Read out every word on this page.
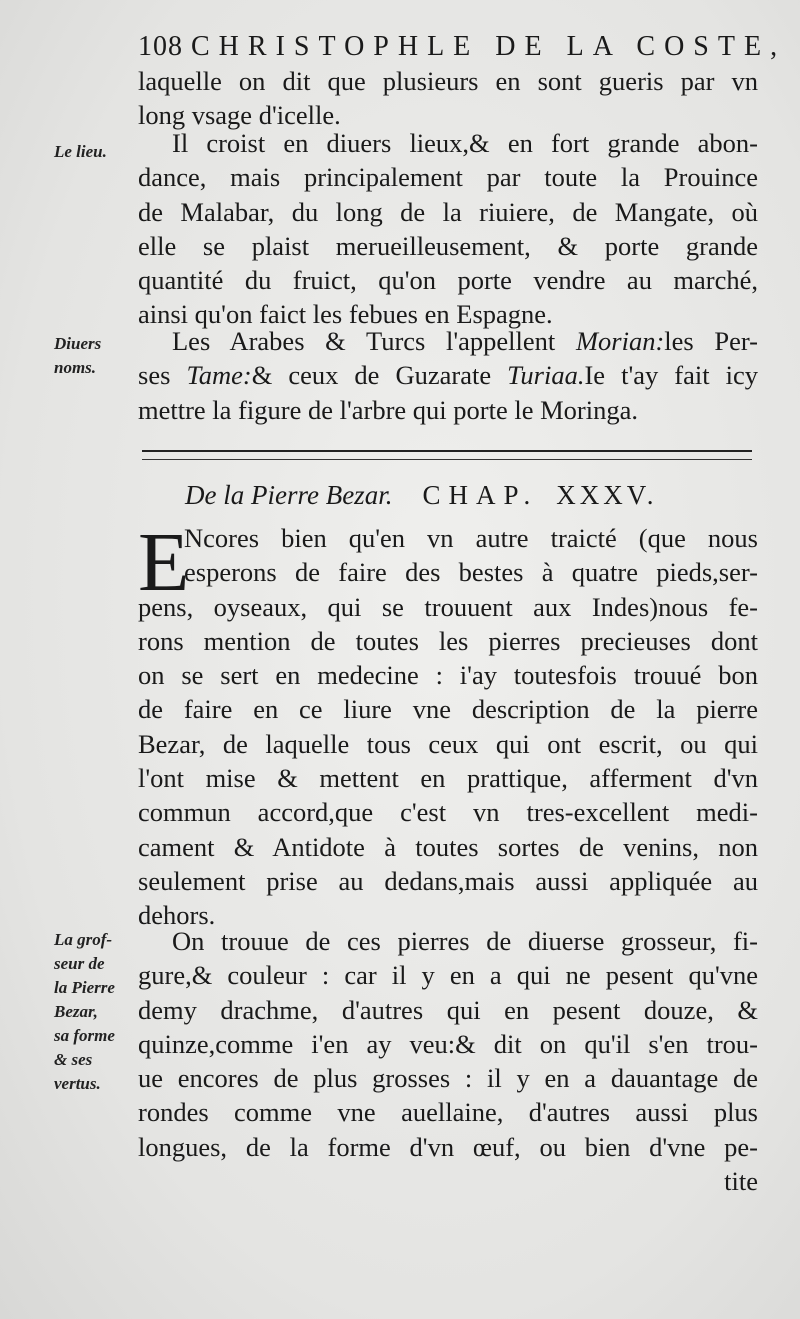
108 CHRISTOPHLE DE LA COSTE,
laquelle on dit que plusieurs en sont gueris par vn
long vsage d'icelle.
Le lieu.	Il croist en diuers lieux,& en fort grande abon-
dance, mais principalement par toute la Prouince
de Malabar, du long de la riuiere, de Mangate, où
elle se plaist merueilleusement, & porte grande
quantité du fruict, qu'on porte vendre au marché,
ainsi qu'on faict les febues en Espagne.
Diuers
noms.
Les Arabes & Turcs l'appellent Morian:les Per-
ses Tame:& ceux de Guzarate Turiaa.Ie t'ay fait icy
mettre la figure de l'arbre qui porte le Moringa.
De la Pierre Bezar. CHAP. XXXV.
E
Ncores bien qu'en vn autre traicté (que nous
esperons de faire des bestes à quatre pieds,ser-
pens, oyseaux, qui se trouuent aux Indes)nous fe-
rons mention de toutes les pierres precieuses dont
on se sert en medecine : i'ay toutesfois trouué bon
de faire en ce liure vne description de la pierre
Bezar, de laquelle tous ceux qui ont escrit, ou qui
l'ont mise & mettent en prattique, afferment d'vn
commun accord,que c'est vn tres-excellent medi-
cament & Antidote à toutes sortes de venins, non
seulement prise au dedans,mais aussi appliquée au
dehors.
La grof-
seur de
la Pierre
Bezar,
sa forme
& ses
vertus.
On trouue de ces pierres de diuerse grosseur, fi-
gure,& couleur : car il y en a qui ne pesent qu'vne
demy drachme, d'autres qui en pesent douze, &
quinze,comme i'en ay veu:& dit on qu'il s'en trou-
ue encores de plus grosses : il y en a dauantage de
rondes comme vne auellaine, d'autres aussi plus
longues, de la forme d'vn œuf, ou bien d'vne pe-
tite
